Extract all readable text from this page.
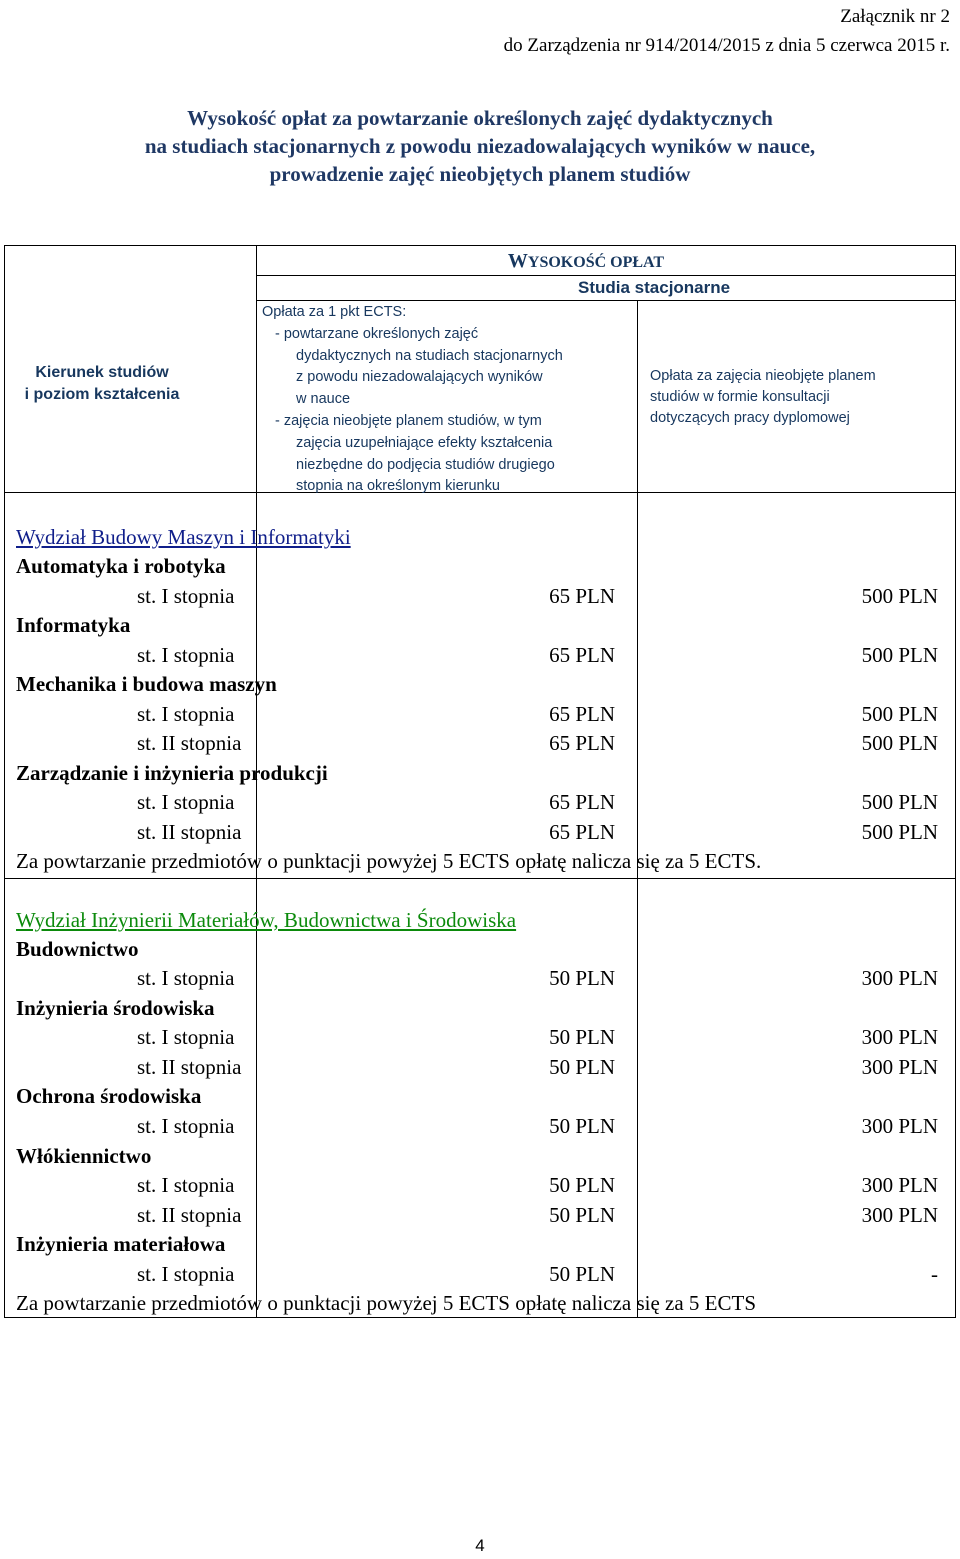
Załącznik nr 2
do Zarządzenia nr 914/2014/2015 z dnia 5 czerwca 2015 r.
Wysokość opłat za powtarzanie określonych zajęć dydaktycznych
na studiach stacjonarnych z powodu niezadowalających wyników w nauce,
prowadzenie zajęć nieobjętych planem studiów
Kierunek studiów
i poziom kształcenia
WYSOKOŚĆ OPŁAT
Studia stacjonarne
Opłata za 1 pkt ECTS:
- powtarzane określonych zajęć
dydaktycznych na studiach stacjonarnych
z powodu niezadowalających wyników
w nauce
- zajęcia nieobjęte planem studiów, w tym
zajęcia uzupełniające efekty kształcenia
niezbędne do podjęcia studiów drugiego
stopnia na określonym kierunku
Opłata za zajęcia nieobjęte planem
studiów w formie konsultacji
dotyczących pracy dyplomowej
Wydział Budowy Maszyn i Informatyki
Automatyka i robotyka
st. I stopnia	65 PLN	500 PLN
Informatyka
st. I stopnia	65 PLN	500 PLN
Mechanika i budowa maszyn
st. I stopnia	65 PLN	500 PLN
st. II stopnia	65 PLN	500 PLN
Zarządzanie i inżynieria produkcji
st. I stopnia	65 PLN	500 PLN
st. II stopnia	65 PLN	500 PLN
Za powtarzanie przedmiotów o punktacji powyżej 5 ECTS opłatę nalicza się za 5 ECTS.
Wydział Inżynierii Materiałów, Budownictwa i Środowiska
Budownictwo
st. I stopnia	50 PLN	300 PLN
Inżynieria środowiska
st. I stopnia	50 PLN	300 PLN
st. II stopnia	50 PLN	300 PLN
Ochrona środowiska
st. I stopnia	50 PLN	300 PLN
Włókiennictwo
st. I stopnia	50 PLN	300 PLN
st. II stopnia	50 PLN	300 PLN
Inżynieria materiałowa
st. I stopnia	50 PLN	-
Za powtarzanie przedmiotów o punktacji powyżej 5 ECTS opłatę nalicza się za 5 ECTS
4
